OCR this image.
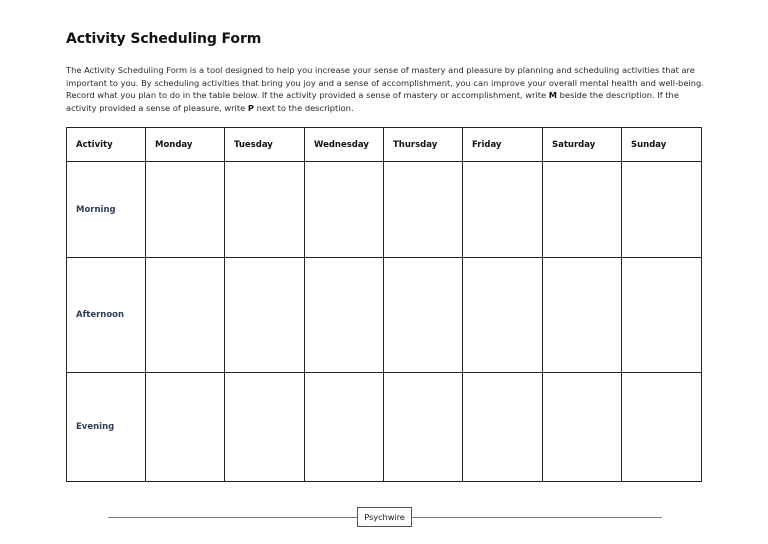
Activity Scheduling Form

The Activity Scheduling Form is a tool designed to help you increase your sense of mastery and pleasure by planning and scheduling activities that are important to you. By scheduling activities that bring you joy and a sense of accomplishment, you can improve your overall mental health and well-being. Record what you plan to do in the table below. If the activity provided a sense of mastery or accomplishment, write M beside the description. If the activity provided a sense of pleasure, write P next to the description.

Activity	Monday	Tuesday	Wednesday	Thursday	Friday	Saturday	Sunday
Morning							
Afternoon							
Evening							
Psychwire
